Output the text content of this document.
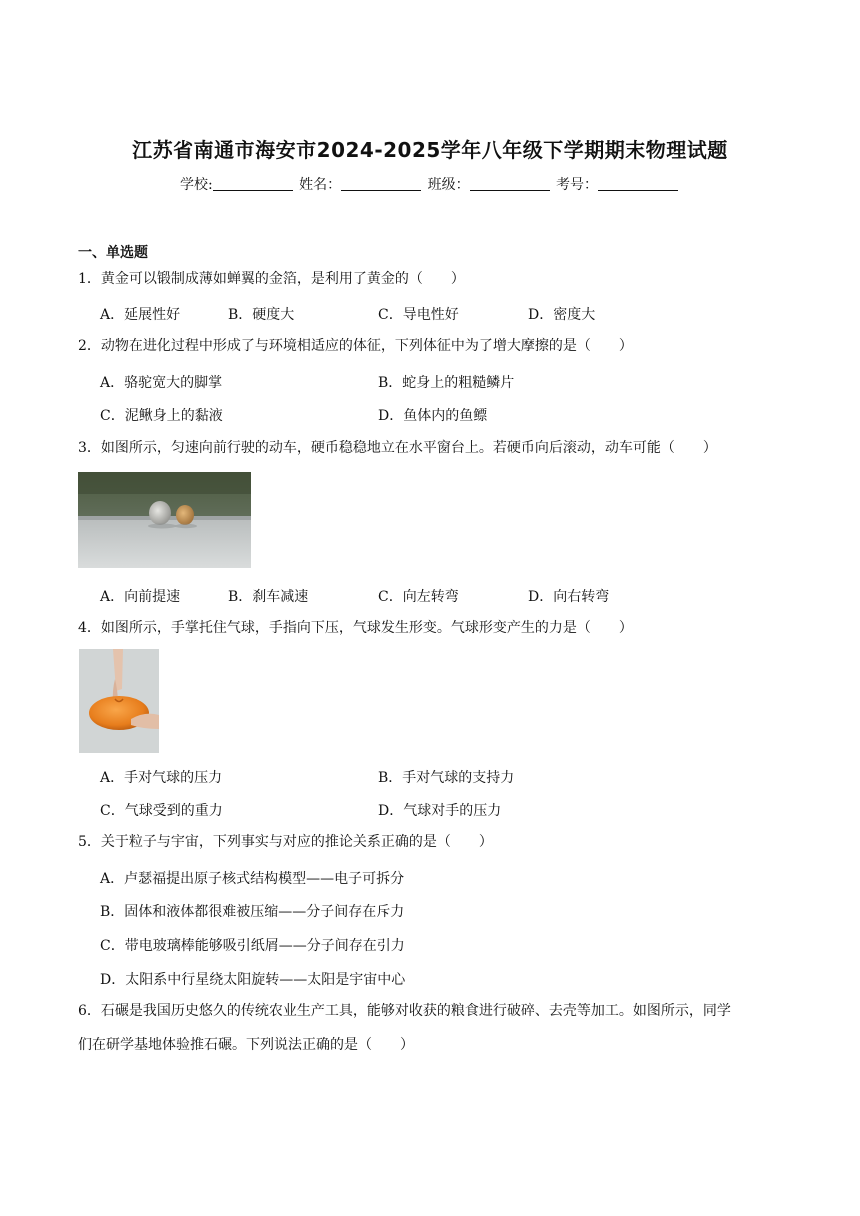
江苏省南通市海安市2024-2025学年八年级下学期期末物理试题
学校:	姓名：	班级：	考号：
一、单选题

1．黄金可以锻制成薄如蝉翼的金箔，是利用了黄金的（　　）

A．延展性好	B．硬度大	C．导电性好	D．密度大

2．动物在进化过程中形成了与环境相适应的体征，下列体征中为了增大摩擦的是（　　）

A．骆驼宽大的脚掌	B．蛇身上的粗糙鳞片
C．泥鳅身上的黏液	D．鱼体内的鱼鳔

3．如图所示，匀速向前行驶的动车，硬币稳稳地立在水平窗台上。若硬币向后滚动，动车可能（　　）

A．向前提速	B．刹车减速	C．向左转弯	D．向右转弯

4．如图所示，手掌托住气球，手指向下压，气球发生形变。气球形变产生的力是（　　）

A．手对气球的压力	B．手对气球的支持力
C．气球受到的重力	D．气球对手的压力

5．关于粒子与宇宙，下列事实与对应的推论关系正确的是（　　）

A．卢瑟福提出原子核式结构模型——电子可拆分
B．固体和液体都很难被压缩——分子间存在斥力
C．带电玻璃棒能够吸引纸屑——分子间存在引力
D．太阳系中行星绕太阳旋转——太阳是宇宙中心

6．石碾是我国历史悠久的传统农业生产工具，能够对收获的粮食进行破碎、去壳等加工。如图所示，同学

们在研学基地体验推石碾。下列说法正确的是（　　）
